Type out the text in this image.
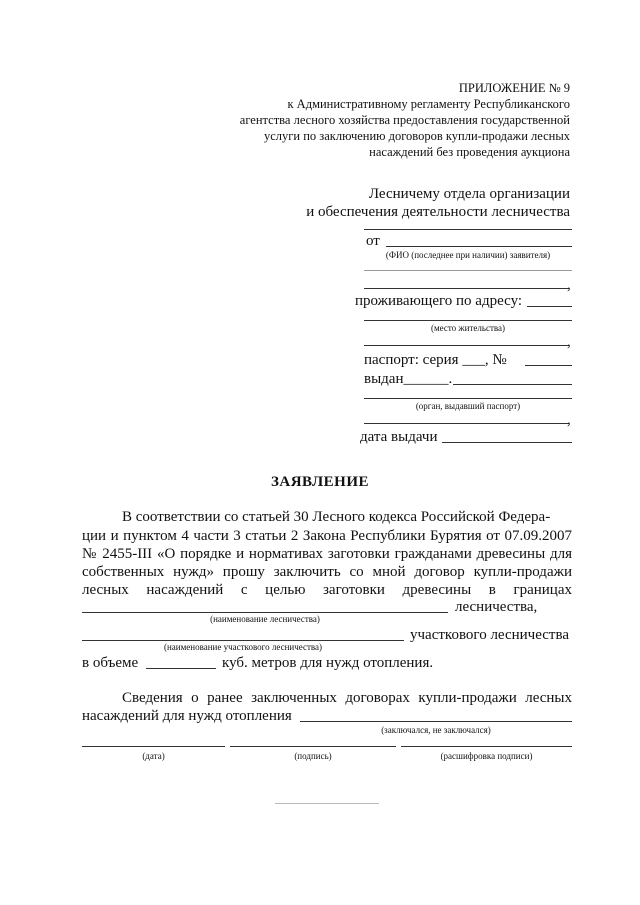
ПРИЛОЖЕНИЕ № 9
к Административному регламенту Республиканского
агентства лесного хозяйства предоставления государственной
услуги по заключению договоров купли-продажи лесных
насаждений без проведения аукциона
Лесничему отдела организации
и обеспечения деятельности лесничества
от
(ФИО (последнее при наличии) заявителя)
,
проживающего по адресу:
(место жительства)
,
паспорт: серия ___, №
выдан______.
(орган, выдавший паспорт)
,
дата выдачи
ЗАЯВЛЕНИЕ
В соответствии со статьей 30 Лесного кодекса Российской Федера-
ции и пунктом 4 части 3 статьи 2 Закона Республики Бурятия от 07.09.2007
№ 2455-III «О порядке и нормативах заготовки гражданами древесины для
собственных нужд» прошу заключить со мной договор купли-продажи
лесных насаждений с целью заготовки древесины в границах
лесничества,
(наименование лесничества)
участкового лесничества
(наименование участкового лесничества)
в объеме	куб. метров для нужд отопления.
Сведения о ранее заключенных договорах купли-продажи лесных
насаждений для нужд отопления
(заключался, не заключался)
(дата)	(подпись)	(расшифровка подписи)
